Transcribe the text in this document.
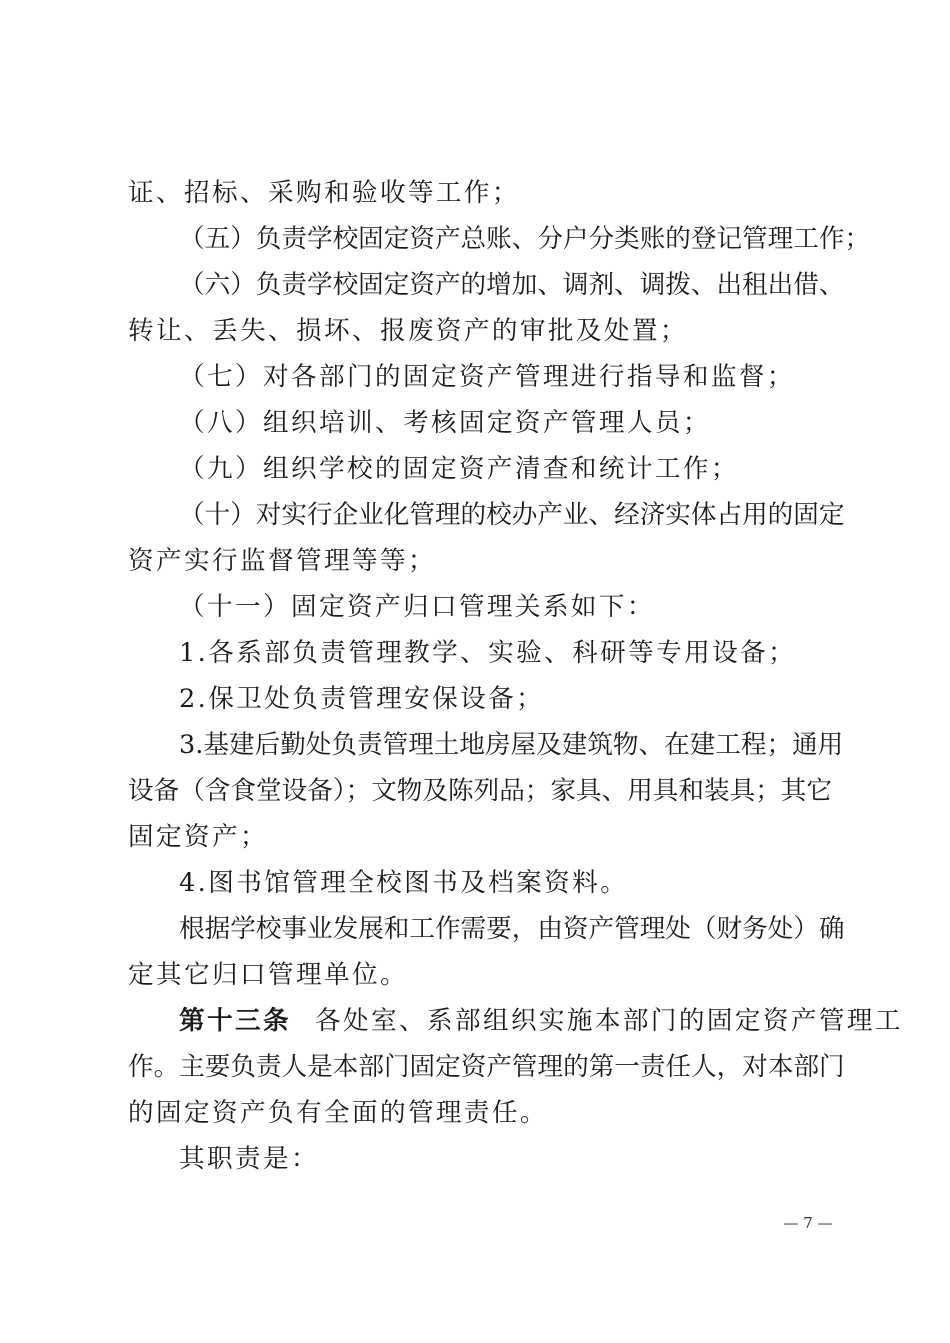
证、招标、采购和验收等工作；
（五）负责学校固定资产总账、分户分类账的登记管理工作；
（六）负责学校固定资产的增加、调剂、调拨、出租出借、
转让、丢失、损坏、报废资产的审批及处置；
（七）对各部门的固定资产管理进行指导和监督；
（八）组织培训、考核固定资产管理人员；
（九）组织学校的固定资产清查和统计工作；
（十）对实行企业化管理的校办产业、经济实体占用的固定
资产实行监督管理等等；
（十一）固定资产归口管理关系如下：
1.各系部负责管理教学、实验、科研等专用设备；
2.保卫处负责管理安保设备；
3.基建后勤处负责管理土地房屋及建筑物、在建工程；通用
设备（含食堂设备）；文物及陈列品；家具、用具和装具；其它
固定资产；
4.图书馆管理全校图书及档案资料。
根据学校事业发展和工作需要，由资产管理处（财务处）确
定其它归口管理单位。
第十三条 各处室、系部组织实施本部门的固定资产管理工
作。主要负责人是本部门固定资产管理的第一责任人，对本部门
的固定资产负有全面的管理责任。
其职责是：
— 7 —
